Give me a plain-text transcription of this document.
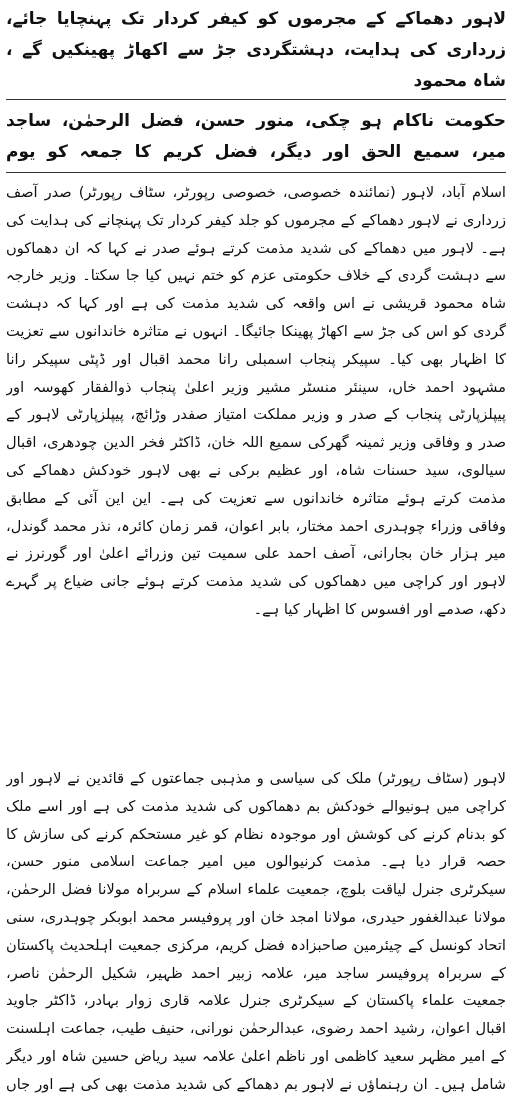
لاہور دھماکے کے مجرموں کو کیفر کردار تک پہنچایا جائے، زرداری کی ہدایت، دہشتگردی جڑ سے اکھاڑ پھینکیں گے ، شاہ محمود
حکومت ناکام ہو چکی، منور حسن، فضل الرحمٰن، ساجد میر، سمیع الحق اور دیگر، فضل کریم کا جمعہ کو یوم

اسلام آباد، لاہور (نمائندہ خصوصی، خصوصی رپورٹر، سٹاف رپورٹر) صدر آصف زرداری نے لاہور دھماکے کے مجرموں کو جلد کیفر کردار تک پہنچانے کی ہدایت کی ہے۔ لاہور میں دھماکے کی شدید مذمت کرتے ہوئے صدر نے کہا کہ ان دھماکوں سے دہشت گردی کے خلاف حکومتی عزم کو ختم نہیں کیا جا سکتا۔ وزیر خارجہ شاہ محمود قریشی نے اس واقعہ کی شدید مذمت کی ہے اور کہا کہ دہشت گردی کو اس کی جڑ سے اکھاڑ پھینکا جائیگا۔ انہوں نے متاثرہ خاندانوں سے تعزیت کا اظہار بھی کیا۔ سپیکر پنجاب اسمبلی رانا محمد اقبال اور ڈپٹی سپیکر رانا مشہود احمد خاں، سینئر منسٹر مشیر وزیر اعلیٰ پنجاب ذوالفقار کھوسہ اور پیپلزپارٹی پنجاب کے صدر و وزیر مملکت امتیاز صفدر وڑائچ، پیپلزپارٹی لاہور کے صدر و وفاقی وزیر ثمینہ گھرکی سمیع اللہ خان، ڈاکٹر فخر الدین چودھری، اقبال سیالوی، سید حسنات شاہ، اور عظیم برکی نے بھی لاہور خودکش دھماکے کی مذمت کرتے ہوئے متاثرہ خاندانوں سے تعزیت کی ہے۔ این این آئی کے مطابق وفاقی وزراء چوہدری احمد مختار، بابر اعوان، قمر زمان کائرہ، نذر محمد گوندل، میر ہزار خان بجارانی، آصف احمد علی سمیت تین وزرائے اعلیٰ اور گورنرز نے لاہور اور کراچی میں دھماکوں کی شدید مذمت کرتے ہوئے جانی ضیاع پر گہرے دکھ، صدمے اور افسوس کا اظہار کیا ہے۔

لاہور (سٹاف رپورٹر) ملک کی سیاسی و مذہبی جماعتوں کے قائدین نے لاہور اور کراچی میں ہونیوالے خودکش بم دھماکوں کی شدید مذمت کی ہے اور اسے ملک کو بدنام کرنے کی کوشش اور موجودہ نظام کو غیر مستحکم کرنے کی سازش کا حصہ قرار دیا ہے۔ مذمت کرنیوالوں میں امیر جماعت اسلامی منور حسن، سیکرٹری جنرل لیاقت بلوچ، جمعیت علماء اسلام کے سربراہ مولانا فضل الرحمٰن، مولانا عبدالغفور حیدری، مولانا امجد خان اور پروفیسر محمد ابوبکر چوہدری، سنی اتحاد کونسل کے چیئرمین صاحبزادہ فضل کریم، مرکزی جمعیت اہلحدیث پاکستان کے سربراہ پروفیسر ساجد میر، علامہ زبیر احمد ظہیر، شکیل الرحمٰن ناصر، جمعیت علماء پاکستان کے سیکرٹری جنرل علامہ قاری زوار بہادر، ڈاکٹر جاوید اقبال اعوان، رشید احمد رضوی، عبدالرحمٰن نورانی، حنیف طیب، جماعت اہلسنت کے امیر مظہر سعید کاظمی اور ناظم اعلیٰ علامہ سید ریاض حسین شاہ اور دیگر شامل ہیں۔ ان رہنماؤں نے لاہور بم دھماکے کی شدید مذمت بھی کی ہے اور جاں
